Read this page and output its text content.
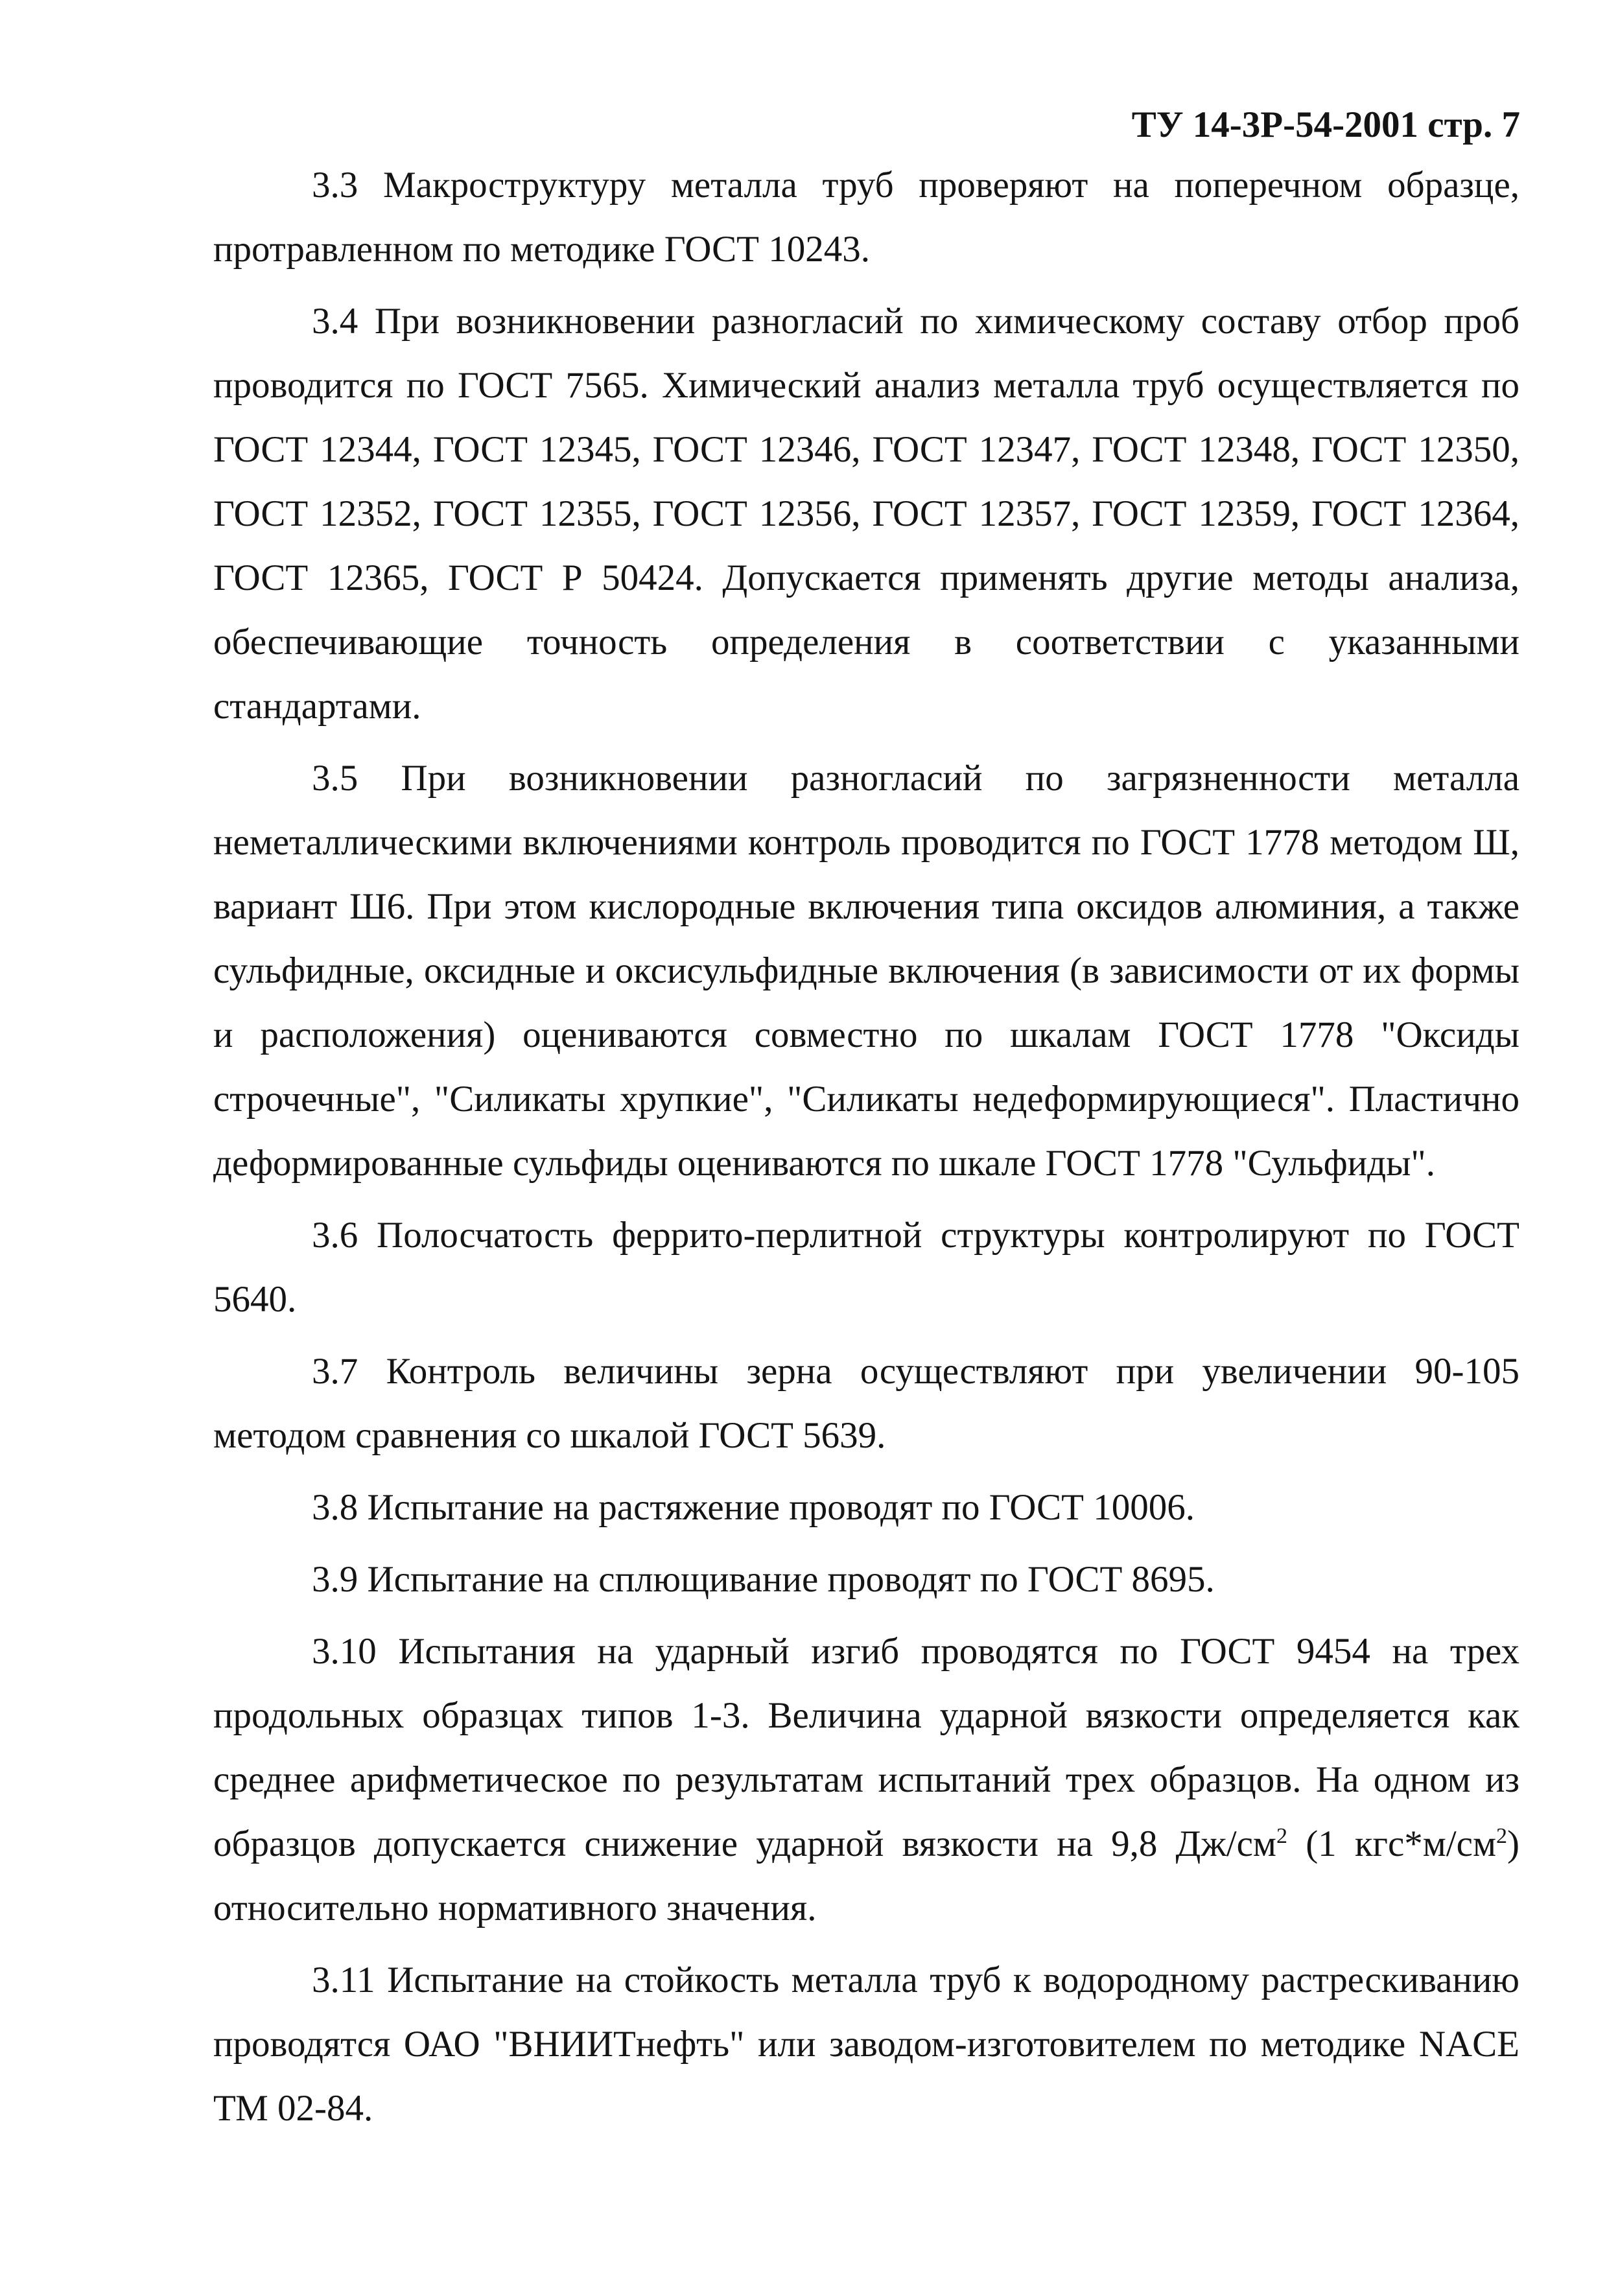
ТУ 14-3Р-54-2001 стр. 7

3.3 Макроструктуру металла труб проверяют на поперечном образце, протравленном по методике ГОСТ 10243.

3.4 При возникновении разногласий по химическому составу отбор проб проводится по ГОСТ 7565. Химический анализ металла труб осуществляется по ГОСТ 12344, ГОСТ 12345, ГОСТ 12346, ГОСТ 12347, ГОСТ 12348, ГОСТ 12350, ГОСТ 12352, ГОСТ 12355, ГОСТ 12356, ГОСТ 12357, ГОСТ 12359, ГОСТ 12364, ГОСТ 12365, ГОСТ Р 50424. Допускается применять другие методы анализа, обеспечивающие точность определения в соответствии с указанными стандартами.

3.5 При возникновении разногласий по загрязненности металла неметаллическими включениями контроль проводится по ГОСТ 1778 методом Ш, вариант Ш6. При этом кислородные включения типа оксидов алюминия, а также сульфидные, оксидные и оксисульфидные включения (в зависимости от их формы и расположения) оцениваются совместно по шкалам ГОСТ 1778 "Оксиды строчечные", "Силикаты хрупкие", "Силикаты недеформирующиеся". Пластично деформированные сульфиды оцениваются по шкале ГОСТ 1778 "Сульфиды".

3.6 Полосчатость феррито-перлитной структуры контролируют по ГОСТ 5640.

3.7 Контроль величины зерна осуществляют при увеличении 90-105 методом сравнения со шкалой ГОСТ 5639.

3.8 Испытание на растяжение проводят по ГОСТ 10006.

3.9 Испытание на сплющивание проводят по ГОСТ 8695.

3.10 Испытания на ударный изгиб проводятся по ГОСТ 9454 на трех продольных образцах типов 1-3. Величина ударной вязкости определяется как среднее арифметическое по результатам испытаний трех образцов. На одном из образцов допускается снижение ударной вязкости на 9,8 $Дж/см^2$ (1 $кгс*м/см^2$) относительно нормативного значения.

3.11 Испытание на стойкость металла труб к водородному растрескиванию проводятся ОАО "ВНИИТнефть" или заводом-изготовителем по методике NACE ТМ 02-84.
